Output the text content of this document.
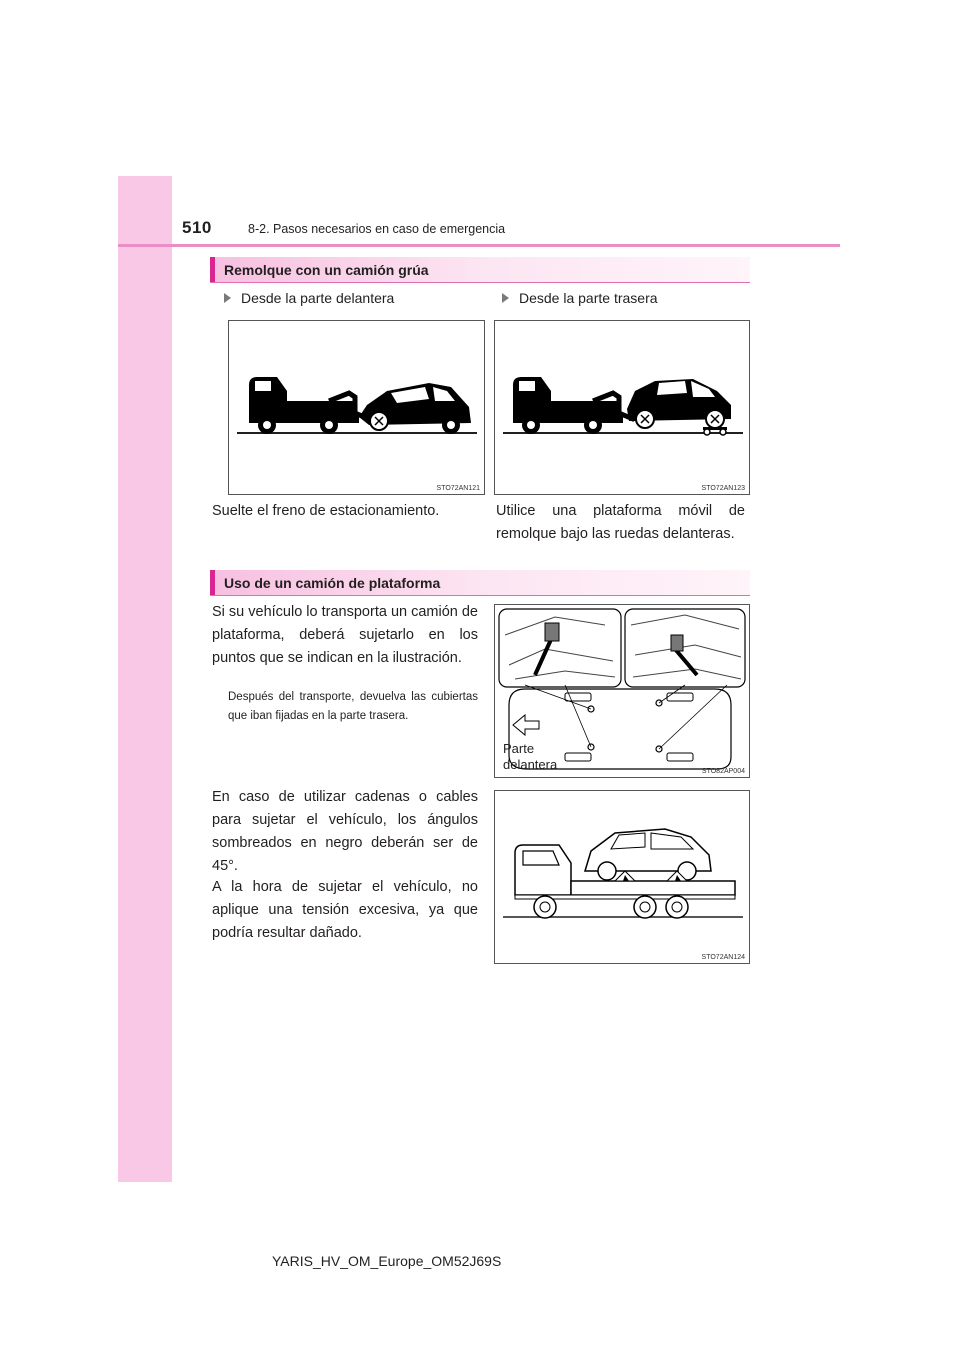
510	8-2. Pasos necesarios en caso de emergencia
Remolque con un camión grúa
Desde la parte delantera	Desde la parte trasera
STO72AN121	STO72AN123
Suelte el freno de estacionamiento.	Utilice una plataforma móvil de remolque bajo las ruedas delanteras.
Uso de un camión de plataforma
Si su vehículo lo transporta un camión de plataforma, deberá sujetarlo en los puntos que se indican en la ilustración.
Después del transporte, devuelva las cubiertas que iban fijadas en la parte trasera.
Parte
delantera	STO82AP004
En caso de utilizar cadenas o cables para sujetar el vehículo, los ángulos sombreados en negro deberán ser de 45°.
A la hora de sujetar el vehículo, no aplique una tensión excesiva, ya que podría resultar dañado.
STO72AN124
YARIS_HV_OM_Europe_OM52J69S
